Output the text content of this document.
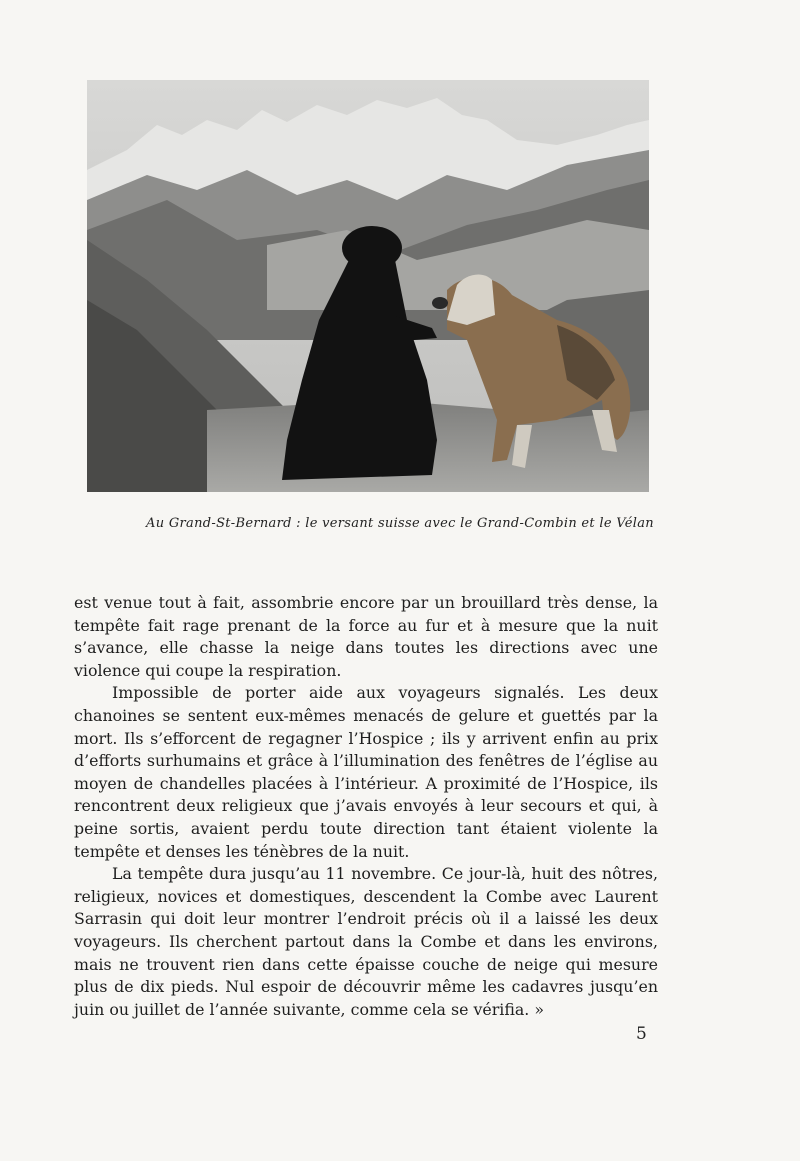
Au Grand-St-Bernard : le versant suisse avec le Grand-Combin et le Vélan

est venue tout à fait, assombrie encore par un brouillard très dense, la tempête fait rage prenant de la force au fur et à mesure que la nuit s’avance, elle chasse la neige dans toutes les directions avec une violence qui coupe la respiration.

Impossible de porter aide aux voyageurs signalés. Les deux chanoines se sentent eux-mêmes menacés de gelure et guettés par la mort. Ils s’efforcent de regagner l’Hospice ; ils y arrivent enfin au prix d’efforts surhumains et grâce à l’illumination des fenêtres de l’église au moyen de chandelles placées à l’intérieur. A proximité de l’Hospice, ils rencontrent deux religieux que j’avais envoyés à leur secours et qui, à peine sortis, avaient perdu toute direction tant étaient violente la tempête et denses les ténèbres de la nuit.

La tempête dura jusqu’au 11 novembre. Ce jour-là, huit des nôtres, religieux, novices et domestiques, descendent la Combe avec Laurent Sarrasin qui doit leur montrer l’endroit précis où il a laissé les deux voyageurs. Ils cherchent partout dans la Combe et dans les environs, mais ne trouvent rien dans cette épaisse couche de neige qui mesure plus de dix pieds. Nul espoir de découvrir même les cadavres jusqu’en juin ou juillet de l’année suivante, comme cela se vérifia. »

5
